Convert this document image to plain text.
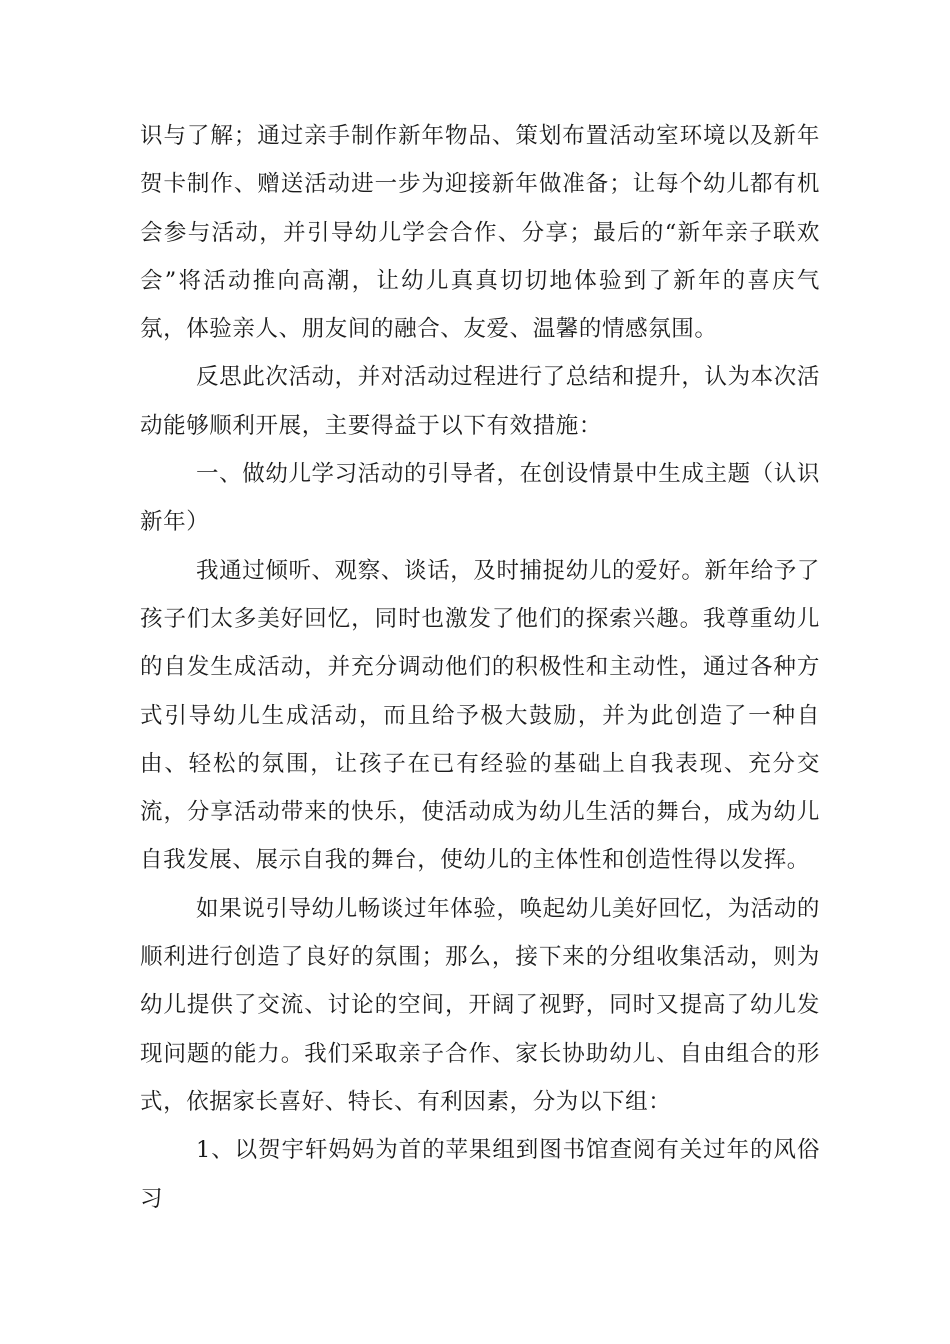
识与了解；通过亲手制作新年物品、策划布置活动室环境以及新年贺卡制作、赠送活动进一步为迎接新年做准备；让每个幼儿都有机会参与活动，并引导幼儿学会合作、分享；最后的“新年亲子联欢会”将活动推向高潮，让幼儿真真切切地体验到了新年的喜庆气氛，体验亲人、朋友间的融合、友爱、温馨的情感氛围。

反思此次活动，并对活动过程进行了总结和提升，认为本次活动能够顺利开展，主要得益于以下有效措施：

一、做幼儿学习活动的引导者，在创设情景中生成主题（认识新年）

我通过倾听、观察、谈话，及时捕捉幼儿的爱好。新年给予了孩子们太多美好回忆，同时也激发了他们的探索兴趣。我尊重幼儿的自发生成活动，并充分调动他们的积极性和主动性，通过各种方式引导幼儿生成活动，而且给予极大鼓励，并为此创造了一种自由、轻松的氛围，让孩子在已有经验的基础上自我表现、充分交流，分享活动带来的快乐，使活动成为幼儿生活的舞台，成为幼儿自我发展、展示自我的舞台，使幼儿的主体性和创造性得以发挥。

如果说引导幼儿畅谈过年体验，唤起幼儿美好回忆，为活动的顺利进行创造了良好的氛围；那么，接下来的分组收集活动，则为幼儿提供了交流、讨论的空间，开阔了视野，同时又提高了幼儿发现问题的能力。我们采取亲子合作、家长协助幼儿、自由组合的形式，依据家长喜好、特长、有利因素，分为以下组：

1、以贺宇轩妈妈为首的苹果组到图书馆查阅有关过年的风俗习
